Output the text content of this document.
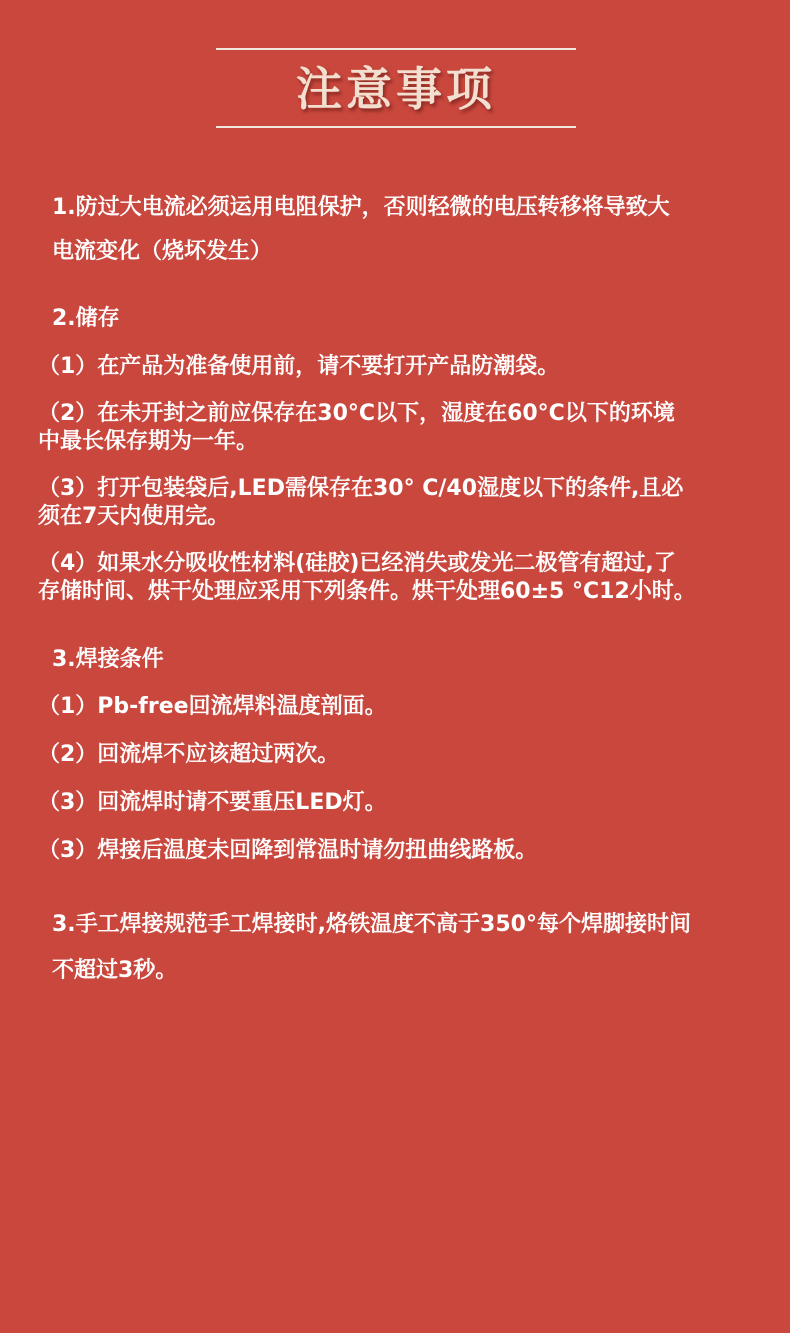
注意事项
1.防过大电流必须运用电阻保护，否则轻微的电压转移将导致大
电流变化（烧坏发生）
2.储存
（1）在产品为准备使用前，请不要打开产品防潮袋。
（2）在未开封之前应保存在30°C以下，湿度在60°C以下的环境
中最长保存期为一年。
（3）打开包装袋后,LED需保存在30° C/40湿度以下的条件,且必
须在7天内使用完。
（4）如果水分吸收性材料(硅胶)已经消失或发光二极管有超过,了
存储时间、烘干处理应采用下列条件。烘干处理60±5 °C12小时。
3.焊接条件
（1）Pb-free回流焊料温度剖面。
（2）回流焊不应该超过两次。
（3）回流焊时请不要重压LED灯。
（3）焊接后温度未回降到常温时请勿扭曲线路板。
3.手工焊接规范手工焊接时,烙铁温度不高于350°每个焊脚接时间
不超过3秒。
